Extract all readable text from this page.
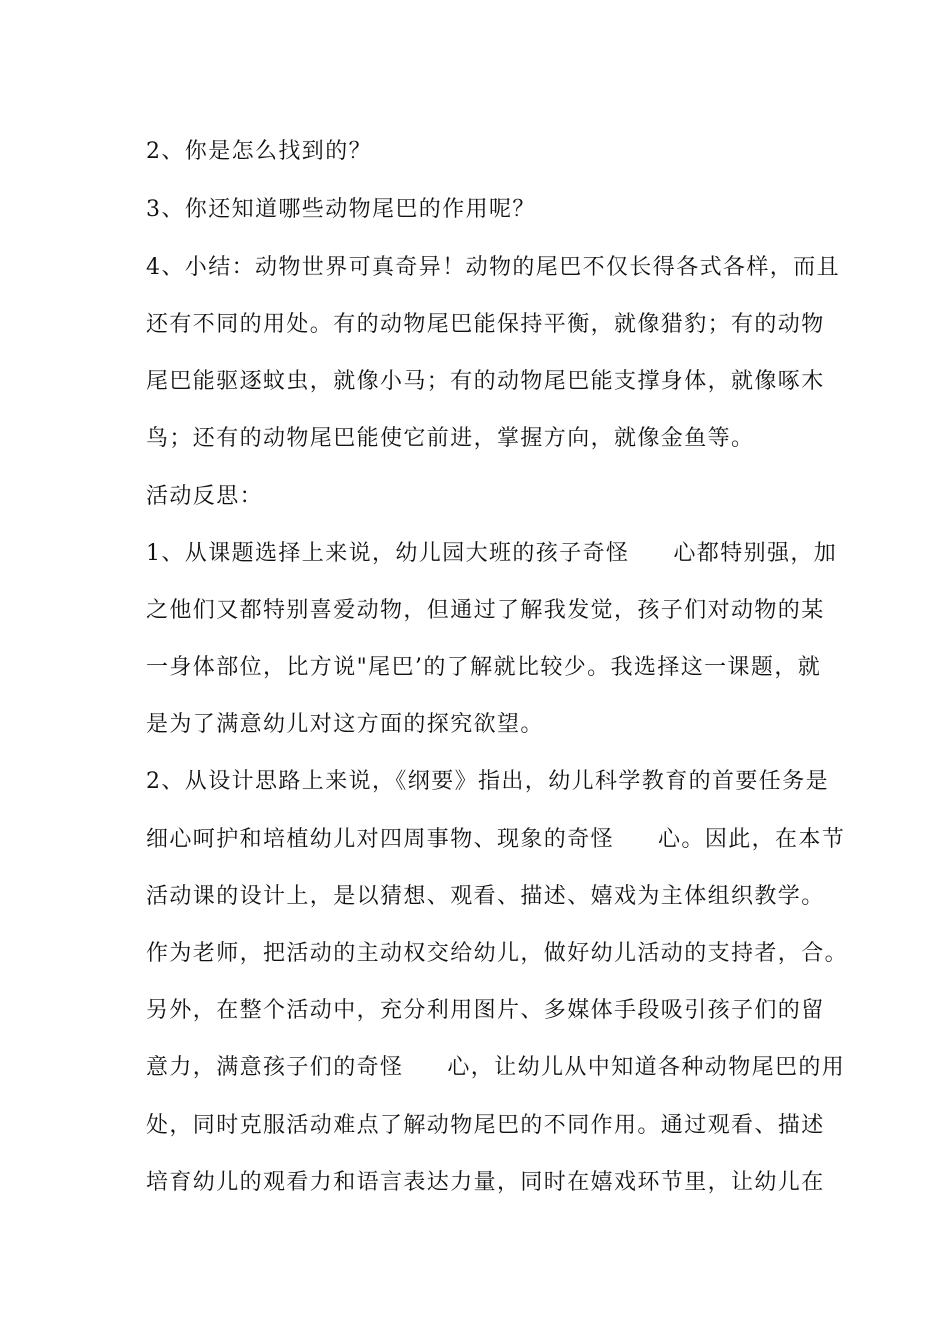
2、你是怎么找到的？
3、你还知道哪些动物尾巴的作用呢？
4、小结：动物世界可真奇异！动物的尾巴不仅长得各式各样，而且
还有不同的用处。有的动物尾巴能保持平衡，就像猎豹；有的动物
尾巴能驱逐蚊虫，就像小马；有的动物尾巴能支撑身体，就像啄木
鸟；还有的动物尾巴能使它前进，掌握方向，就像金鱼等。
活动反思：
1、从课题选择上来说，幼儿园大班的孩子奇怪 心都特别强，加
之他们又都特别喜爱动物，但通过了解我发觉，孩子们对动物的某
一身体部位，比方说"尾巴’的了解就比较少。我选择这一课题，就
是为了满意幼儿对这方面的探究欲望。
2、从设计思路上来说，《纲要》指出，幼儿科学教育的首要任务是
细心呵护和培植幼儿对四周事物、现象的奇怪 心。因此，在本节
活动课的设计上，是以猜想、观看、描述、嬉戏为主体组织教学。
作为老师，把活动的主动权交给幼儿，做好幼儿活动的支持者，合。
另外，在整个活动中，充分利用图片、多媒体手段吸引孩子们的留
意力，满意孩子们的奇怪 心，让幼儿从中知道各种动物尾巴的用
处，同时克服活动难点了解动物尾巴的不同作用。通过观看、描述
培育幼儿的观看力和语言表达力量，同时在嬉戏环节里，让幼儿在
